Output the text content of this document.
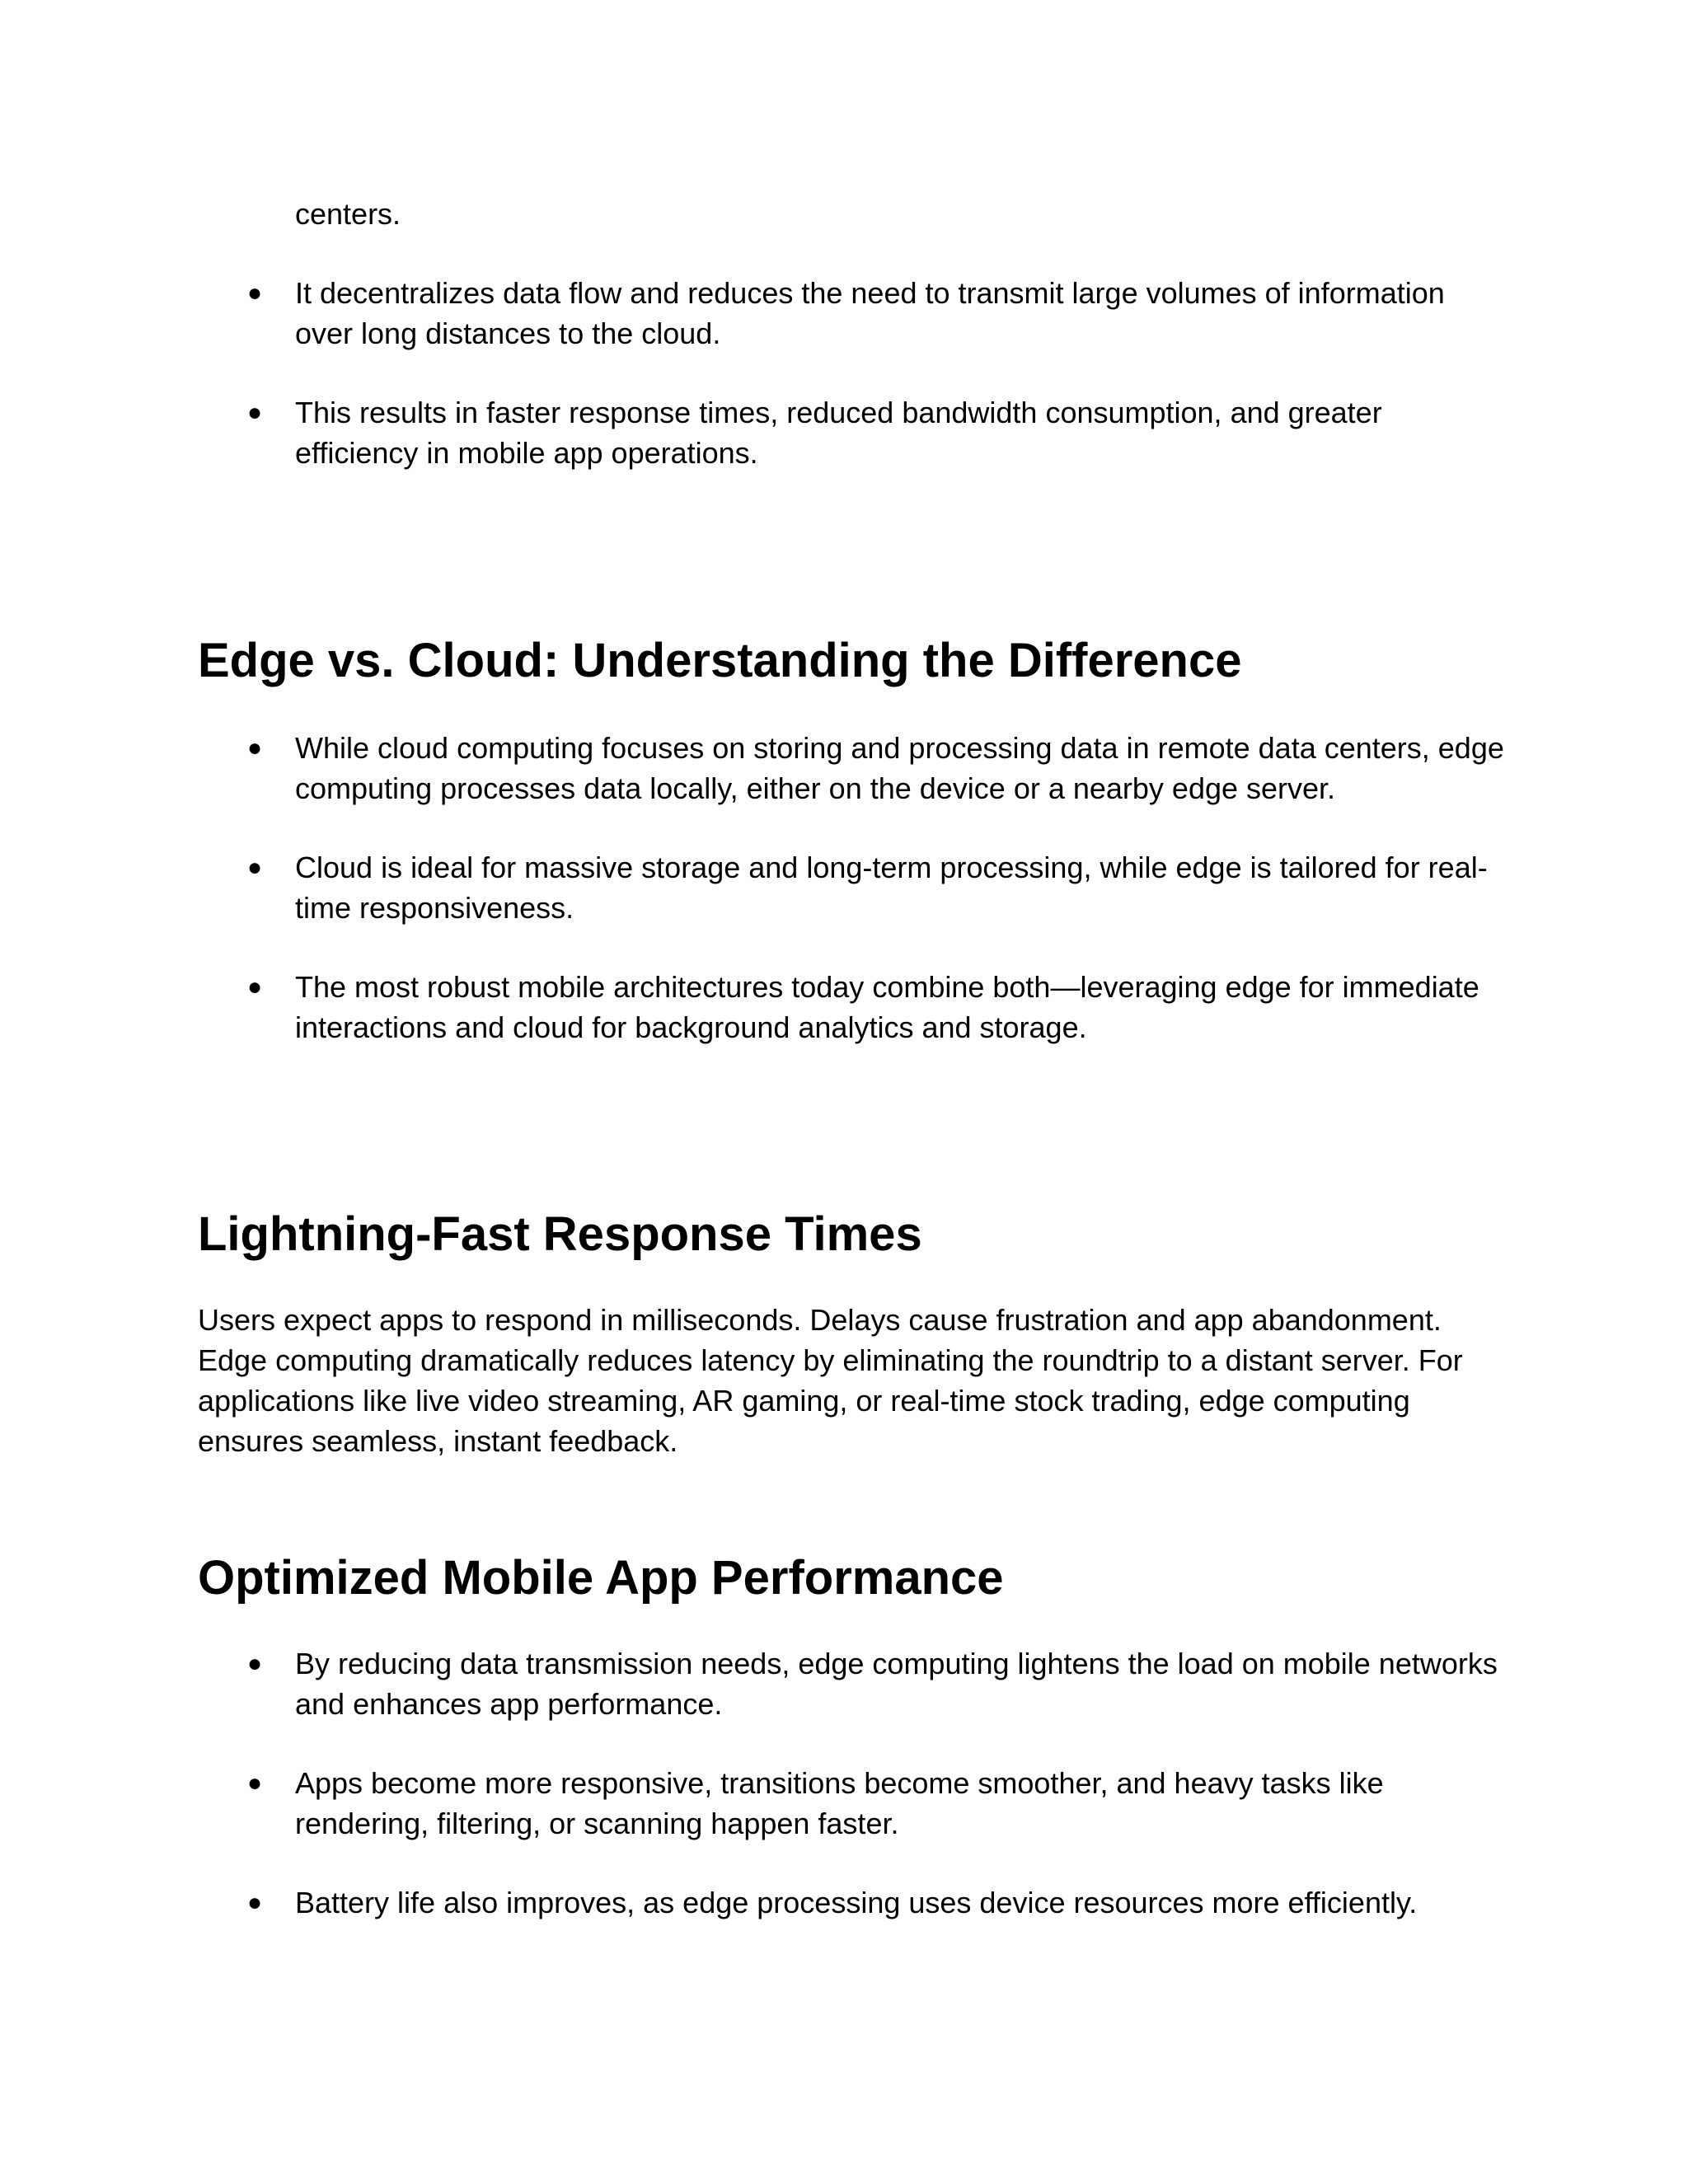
centers.

● It decentralizes data flow and reduces the need to transmit large volumes of information over long distances to the cloud.
● This results in faster response times, reduced bandwidth consumption, and greater efficiency in mobile app operations.
Edge vs. Cloud: Understanding the Difference
● While cloud computing focuses on storing and processing data in remote data centers, edge computing processes data locally, either on the device or a nearby edge server.
● Cloud is ideal for massive storage and long-term processing, while edge is tailored for real-time responsiveness.
● The most robust mobile architectures today combine both—leveraging edge for immediate interactions and cloud for background analytics and storage.
Lightning-Fast Response Times

Users expect apps to respond in milliseconds. Delays cause frustration and app abandonment. Edge computing dramatically reduces latency by eliminating the roundtrip to a distant server. For applications like live video streaming, AR gaming, or real-time stock trading, edge computing ensures seamless, instant feedback.

Optimized Mobile App Performance
● By reducing data transmission needs, edge computing lightens the load on mobile networks and enhances app performance.
● Apps become more responsive, transitions become smoother, and heavy tasks like rendering, filtering, or scanning happen faster.
● Battery life also improves, as edge processing uses device resources more efficiently.
